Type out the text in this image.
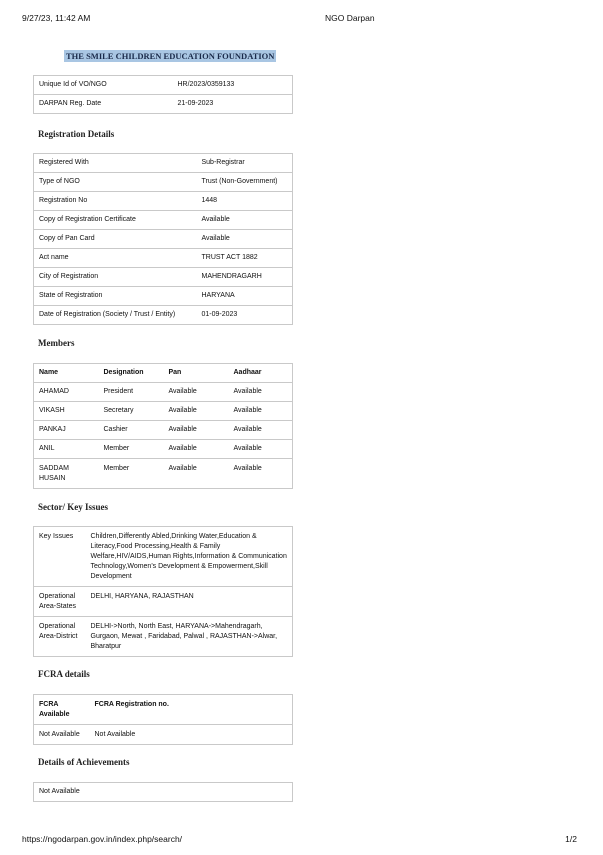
9/27/23, 11:42 AM	NGO Darpan
THE SMILE CHILDREN EDUCATION FOUNDATION
Unique Id of VO/NGO	HR/2023/0359133
DARPAN Reg. Date	21-09-2023
Registration Details
Registered With	Sub-Registrar
Type of NGO	Trust (Non-Government)
Registration No	1448
Copy of Registration Certificate	Available
Copy of Pan Card	Available
Act name	TRUST ACT 1882
City of Registration	MAHENDRAGARH
State of Registration	HARYANA
Date of Registration (Society / Trust / Entity)	01-09-2023
Members
Name	Designation	Pan	Aadhaar
AHAMAD	President	Available	Available
VIKASH	Secretary	Available	Available
PANKAJ	Cashier	Available	Available
ANIL	Member	Available	Available
SADDAM HUSAIN	Member	Available	Available
Sector/ Key Issues
Key Issues	Children,Differently Abled,Drinking Water,Education & Literacy,Food Processing,Health & Family Welfare,HIV/AIDS,Human Rights,Information & Communication Technology,Women's Development & Empowerment,Skill Development
Operational Area-States	DELHI, HARYANA, RAJASTHAN
Operational Area-District	DELHI->North, North East, HARYANA->Mahendragarh, Gurgaon, Mewat , Faridabad, Palwal , RAJASTHAN->Alwar, Bharatpur
FCRA details
FCRA Available	FCRA Registration no.
Not Available	Not Available
Details of Achievements
Not Available
https://ngodarpan.gov.in/index.php/search/	1/2
